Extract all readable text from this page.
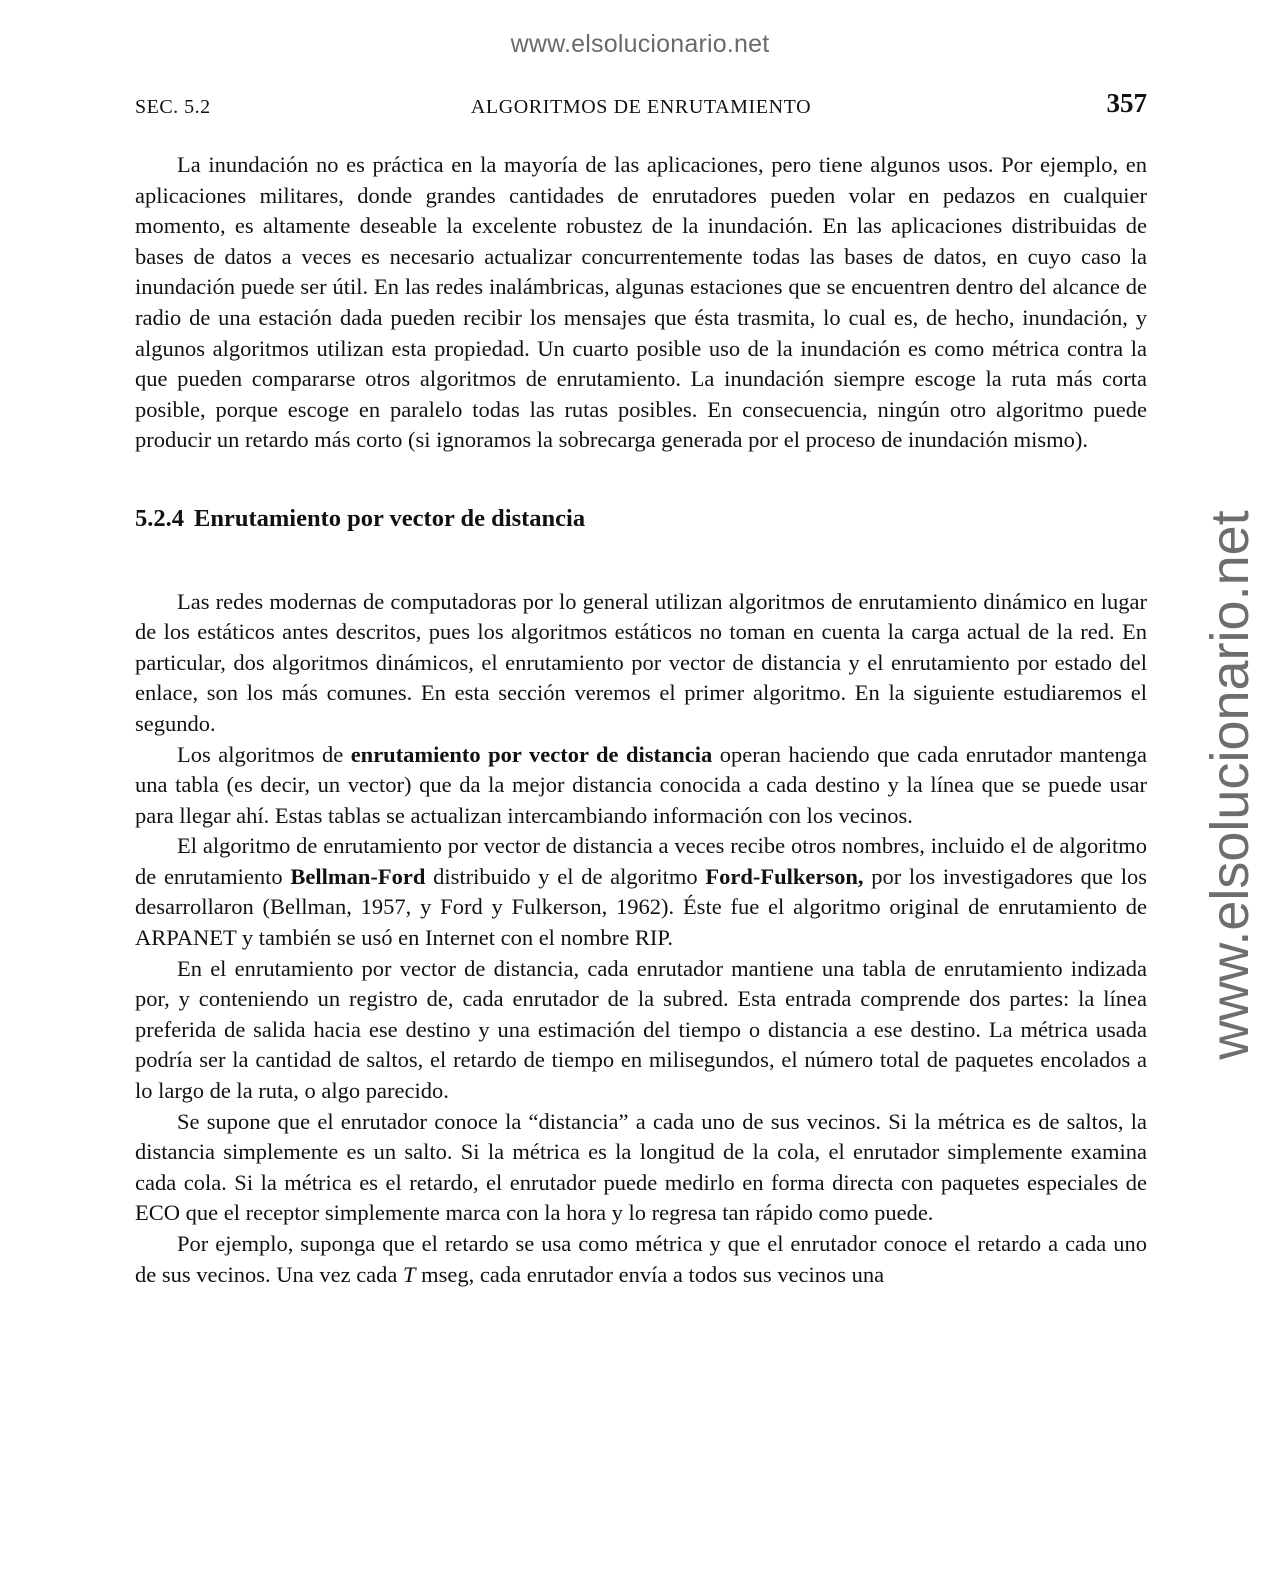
www.elsolucionario.net
www.elsolucionario.net
SEC. 5.2	ALGORITMOS DE ENRUTAMIENTO	357

La inundación no es práctica en la mayoría de las aplicaciones, pero tiene algunos usos. Por ejemplo, en aplicaciones militares, donde grandes cantidades de enrutadores pueden volar en pedazos en cualquier momento, es altamente deseable la excelente robustez de la inundación. En las aplicaciones distribuidas de bases de datos a veces es necesario actualizar concurrentemente todas las bases de datos, en cuyo caso la inundación puede ser útil. En las redes inalámbricas, algunas estaciones que se encuentren dentro del alcance de radio de una estación dada pueden recibir los mensajes que ésta trasmita, lo cual es, de hecho, inundación, y algunos algoritmos utilizan esta propiedad. Un cuarto posible uso de la inundación es como métrica contra la que pueden compararse otros algoritmos de enrutamiento. La inundación siempre escoge la ruta más corta posible, porque escoge en paralelo todas las rutas posibles. En consecuencia, ningún otro algoritmo puede producir un retardo más corto (si ignoramos la sobrecarga generada por el proceso de inundación mismo).

5.2.4 Enrutamiento por vector de distancia

Las redes modernas de computadoras por lo general utilizan algoritmos de enrutamiento dinámico en lugar de los estáticos antes descritos, pues los algoritmos estáticos no toman en cuenta la carga actual de la red. En particular, dos algoritmos dinámicos, el enrutamiento por vector de distancia y el enrutamiento por estado del enlace, son los más comunes. En esta sección veremos el primer algoritmo. En la siguiente estudiaremos el segundo.

Los algoritmos de enrutamiento por vector de distancia operan haciendo que cada enrutador mantenga una tabla (es decir, un vector) que da la mejor distancia conocida a cada destino y la línea que se puede usar para llegar ahí. Estas tablas se actualizan intercambiando información con los vecinos.

El algoritmo de enrutamiento por vector de distancia a veces recibe otros nombres, incluido el de algoritmo de enrutamiento Bellman-Ford distribuido y el de algoritmo Ford-Fulkerson, por los investigadores que los desarrollaron (Bellman, 1957, y Ford y Fulkerson, 1962). Éste fue el algoritmo original de enrutamiento de ARPANET y también se usó en Internet con el nombre RIP.

En el enrutamiento por vector de distancia, cada enrutador mantiene una tabla de enrutamiento indizada por, y conteniendo un registro de, cada enrutador de la subred. Esta entrada comprende dos partes: la línea preferida de salida hacia ese destino y una estimación del tiempo o distancia a ese destino. La métrica usada podría ser la cantidad de saltos, el retardo de tiempo en milisegundos, el número total de paquetes encolados a lo largo de la ruta, o algo parecido.

Se supone que el enrutador conoce la “distancia” a cada uno de sus vecinos. Si la métrica es de saltos, la distancia simplemente es un salto. Si la métrica es la longitud de la cola, el enrutador simplemente examina cada cola. Si la métrica es el retardo, el enrutador puede medirlo en forma directa con paquetes especiales de ECO que el receptor simplemente marca con la hora y lo regresa tan rápido como puede.

Por ejemplo, suponga que el retardo se usa como métrica y que el enrutador conoce el retardo a cada uno de sus vecinos. Una vez cada T mseg, cada enrutador envía a todos sus vecinos una
